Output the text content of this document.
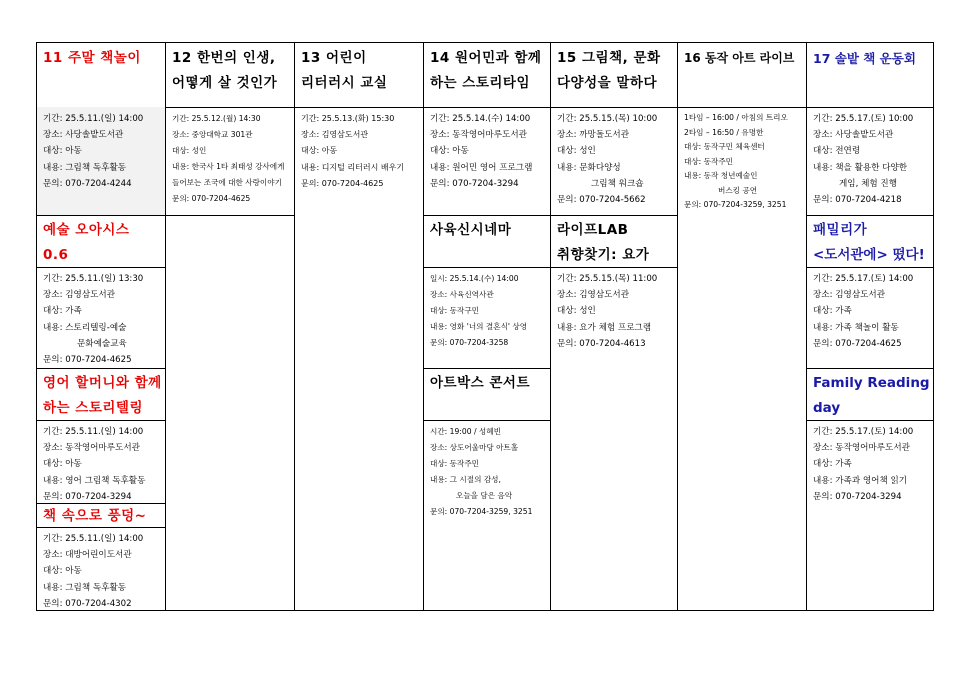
11 주말 책놀이
기간: 25.5.11.(일) 14:00
장소: 사당솔밭도서관
대상: 아동
내용: 그림책 독후활동
문의: 070-7204-4244
예술 오아시스
0.6
기간: 25.5.11.(일) 13:30
장소: 김영삼도서관
대상: 가족
내용: 스토리텔링-예술
문화예술교육
문의: 070-7204-4625
영어 할머니와 함께
하는 스토리텔링
기간: 25.5.11.(일) 14:00
장소: 동작영어마루도서관
대상: 아동
내용: 영어 그림책 독후활동
문의: 070-7204-3294
책 속으로 풍덩~
기간: 25.5.11.(일) 14:00
장소: 대방어린이도서관
대상: 아동
내용: 그림책 독후활동
문의: 070-7204-4302
12 한번의 인생,
어떻게 살 것인가
기간: 25.5.12.(월) 14:30
장소: 중앙대학교 301관
대상: 성인
내용: 한국사 1타 최태성 강사에게
들어보는 조국에 대한 사랑이야기
문의: 070-7204-4625
13 어린이
리터러시 교실
기간: 25.5.13.(화) 15:30
장소: 김영삼도서관
대상: 아동
내용: 디지털 리터러시 배우기
문의: 070-7204-4625
14 원어민과 함께
하는 스토리타임
기간: 25.5.14.(수) 14:00
장소: 동작영어마루도서관
대상: 아동
내용: 원어민 영어 프로그램
문의: 070-7204-3294
사육신시네마
일시: 25.5.14.(수) 14:00
장소: 사육신역사관
대상: 동작구민
내용: 영화 '너의 결혼식' 상영
문의: 070-7204-3258
아트박스 콘서트
시간: 19:00 / 성혜빈
장소: 상도어울마당 아트홀
대상: 동작주민
내용: 그 시절의 감성,
오늘을 담은 음악
문의: 070-7204-3259, 3251
15 그림책, 문화
다양성을 말하다
기간: 25.5.15.(목) 10:00
장소: 까망돌도서관
대상: 성인
내용: 문화다양성
그림책 워크숍
문의: 070-7204-5662
라이프LAB
취향찾기: 요가
기간: 25.5.15.(목) 11:00
장소: 김영삼도서관
대상: 성인
내용: 요가 체험 프로그램
문의: 070-7204-4613
16 동작 아트 라이브
1타임 – 16:00 / 아침의 트리오
2타임 – 16:50 / 유명한
대상: 동작구민 체육센터
대상: 동작주민
내용: 동작 청년예술인
버스킹 공연
문의: 070-7204-3259, 3251
17 솔밭 책 운동회
기간: 25.5.17.(토) 10:00
장소: 사당솔밭도서관
대상: 전연령
내용: 책을 활용한 다양한
게임, 체험 진행
문의: 070-7204-4218
패밀리가
<도서관에> 떴다!
기간: 25.5.17.(토) 14:00
장소: 김영삼도서관
대상: 가족
내용: 가족 책놀이 활동
문의: 070-7204-4625
Family Reading
day
기간: 25.5.17.(토) 14:00
장소: 동작영어마루도서관
대상: 가족
내용: 가족과 영어책 읽기
문의: 070-7204-3294
